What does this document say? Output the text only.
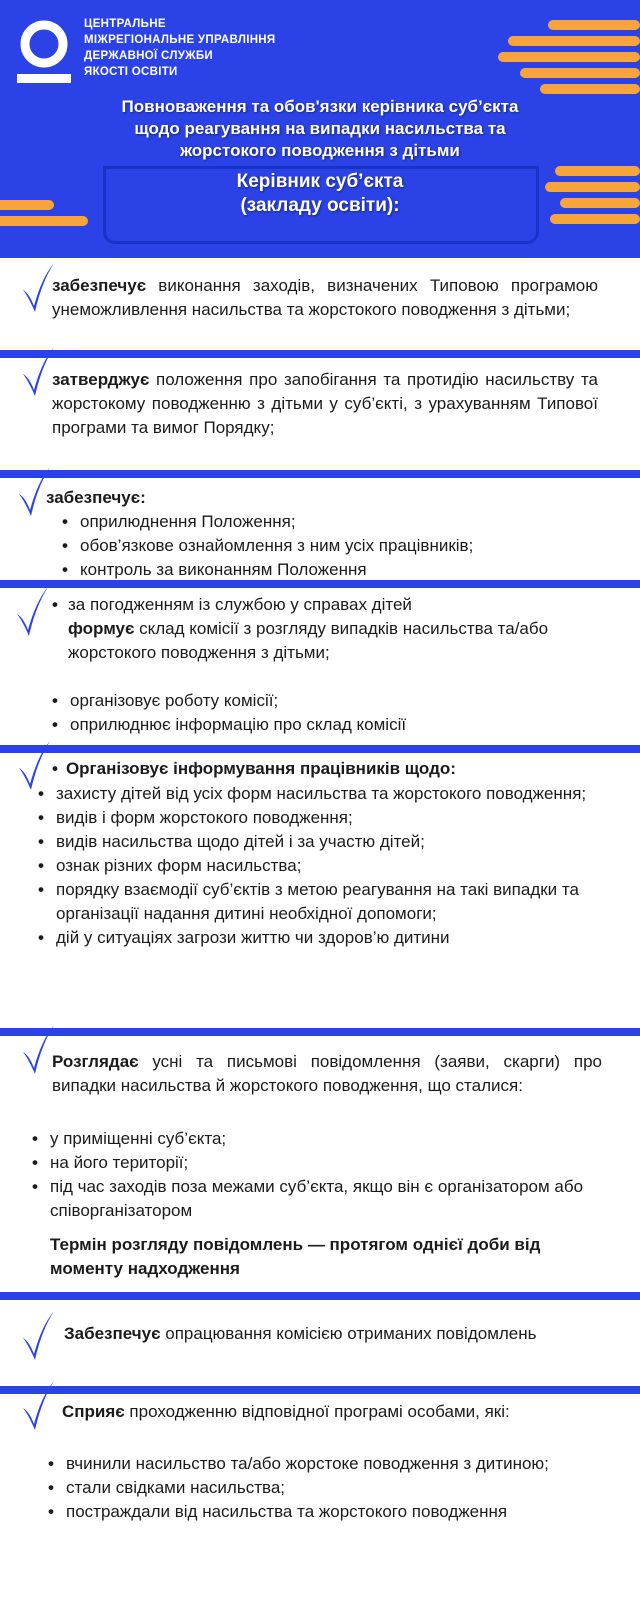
ЦЕНТРАЛЬНЕ
МІЖРЕГІОНАЛЬНЕ УПРАВЛІННЯ
ДЕРЖАВНОЇ СЛУЖБИ
ЯКОСТІ ОСВІТИ
Повноваження та обов'язки керівника суб’єкта
щодо реагування на випадки насильства та
жорстокого поводження з дітьми
Керівник суб’єкта
(закладу освіти):
забезпечує виконання заходів, визначених Типовою програмою унеможливлення насильства та жорстокого поводження з дітьми;
затверджує положення про запобігання та протидію насильству та жорстокому поводженню з дітьми у суб’єкті, з урахуванням Типової програми та вимог Порядку;
забезпечує:
• оприлюднення Положення;
• обов’язкове ознайомлення з ним усіх працівників;
• контроль за виконанням Положення
• за погодженням із службою у справах дітей
формує склад комісії з розгляду випадків насильства та/або жорстокого поводження з дітьми;
• організовує роботу комісії;
• оприлюднює інформацію про склад комісії
• Організовує інформування працівників щодо:
• захисту дітей від усіх форм насильства та жорстокого поводження;
• видів і форм жорстокого поводження;
• видів насильства щодо дітей і за участю дітей;
• ознак різних форм насильства;
• порядку взаємодії суб’єктів з метою реагування на такі випадки та організації надання дитині необхідної допомоги;
• дій у ситуаціях загрози життю чи здоров’ю дитини
Розглядає усні та письмові повідомлення (заяви, скарги) про випадки насильства й жорстокого поводження, що сталися:
• у приміщенні суб’єкта;
• на його території;
• під час заходів поза межами суб’єкта, якщо він є організатором або співорганізатором
Термін розгляду повідомлень — протягом однієї доби від моменту надходження
Забезпечує опрацювання комісією отриманих повідомлень
Сприяє проходженню відповідної програмі особами, які:
• вчинили насильство та/або жорстоке поводження з дитиною;
• стали свідками насильства;
• постраждали від насильства та жорстокого поводження
